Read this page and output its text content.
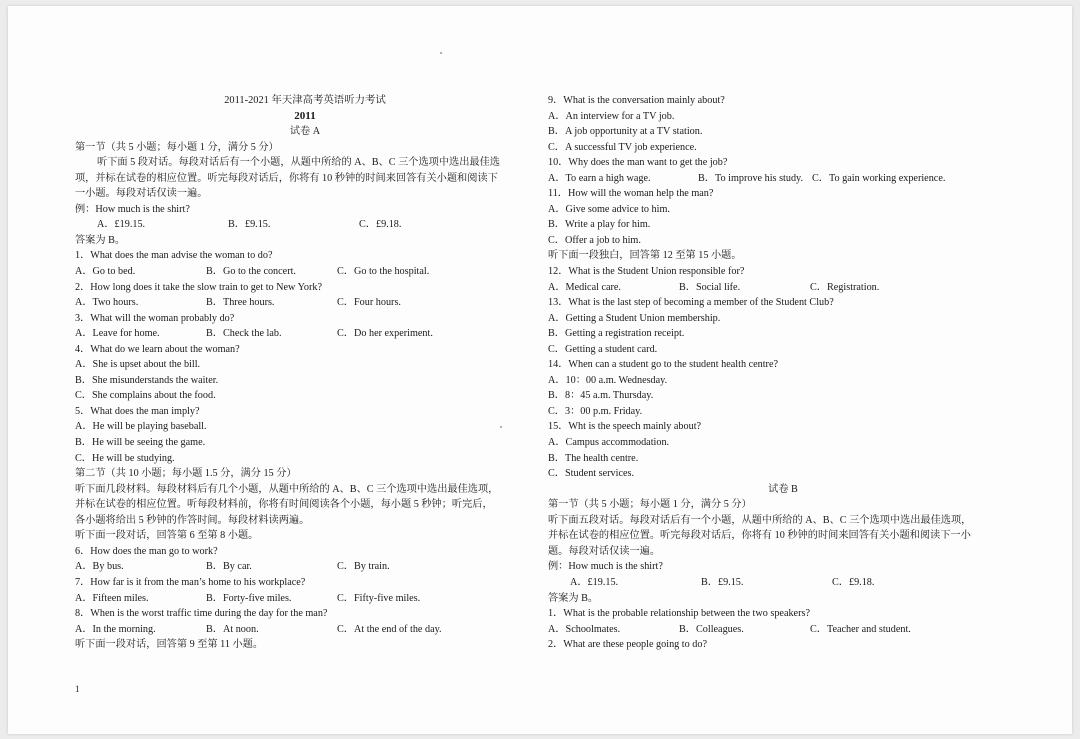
2011-2021 年天津高考英语听力考试
2011
试卷 A
第一节（共 5 小题；每小题 1 分，满分 5 分）
听下面 5 段对话。每段对话后有一个小题，从题中所给的 A、B、C 三个选项中选出最佳选
项，并标在试卷的相应位置。听完每段对话后，你将有 10 秒钟的时间来回答有关小题和阅读下
一小题。每段对话仅读一遍。
例：How much is the shirt?
A．£19.15.	B．£9.15.	C．£9.18.
答案为 B。
1．What does the man advise the woman to do?
A．Go to bed.	B．Go to the concert.	C．Go to the hospital.
2．How long does it take the slow train to get to New York?
A．Two hours.	B．Three hours.	C．Four hours.
3．What will the woman probably do?
A．Leave for home.	B．Check the lab.	C．Do her experiment.
4．What do we learn about the woman?
A．She is upset about the bill.
B．She misunderstands the waiter.
C．She complains about the food.
5．What does the man imply?
A．He will be playing baseball.
B．He will be seeing the game.
C．He will be studying.
第二节（共 10 小题；每小题 1.5 分，满分 15 分）
听下面几段材料。每段材料后有几个小题，从题中所给的 A、B、C 三个选项中选出最佳选项，
并标在试卷的相应位置。听每段材料前，你将有时间阅读各个小题，每小题 5 秒钟；听完后，
各小题将给出 5 秒钟的作答时间。每段材料读两遍。
听下面一段对话，回答第 6 至第 8 小题。
6．How does the man go to work?
A．By bus.	B．By car.	C．By train.
7．How far is it from the man’s home to his workplace?
A．Fifteen miles.	B．Forty-five miles.	C．Fifty-five miles.
8．When is the worst traffic time during the day for the man?
A．In the morning.	B．At noon.	C．At the end of the day.
听下面一段对话，回答第 9 至第 11 小题。
1
9．What is the conversation mainly about?
A．An interview for a TV job.
B．A job opportunity at a TV station.
C．A successful TV job experience.
10．Why does the man want to get the job?
A．To earn a high wage.	B．To improve his study. C．To gain working experience.
11．How will the woman help the man?
A．Give some advice to him.
B．Write a play for him.
C．Offer a job to him.
听下面一段独白，回答第 12 至第 15 小题。
12．What is the Student Union responsible for?
A．Medical care.	B．Social life.	C．Registration.
13．What is the last step of becoming a member of the Student Club?
A．Getting a Student Union membership.
B．Getting a registration receipt.
C．Getting a student card.
14．When can a student go to the student health centre?
A．10：00 a.m. Wednesday.
B．8：45 a.m. Thursday.
C．3：00 p.m. Friday.
15．Wht is the speech mainly about?
A．Campus accommodation.
B．The health centre.
C．Student services.
试卷 B
第一节（共 5 小题；每小题 1 分，满分 5 分）
听下面五段对话。每段对话后有一个小题，从题中所给的 A、B、C 三个选项中选出最佳选项，
并标在试卷的相应位置。听完每段对话后，你将有 10 秒钟的时间来回答有关小题和阅读下一小
题。每段对话仅读一遍。
例：How much is the shirt?
A．£19.15.	B．£9.15.	C．£9.18.
答案为 B。
1．What is the probable relationship between the two speakers?
A．Schoolmates.	B．Colleagues.	C．Teacher and student.
2．What are these people going to do?
